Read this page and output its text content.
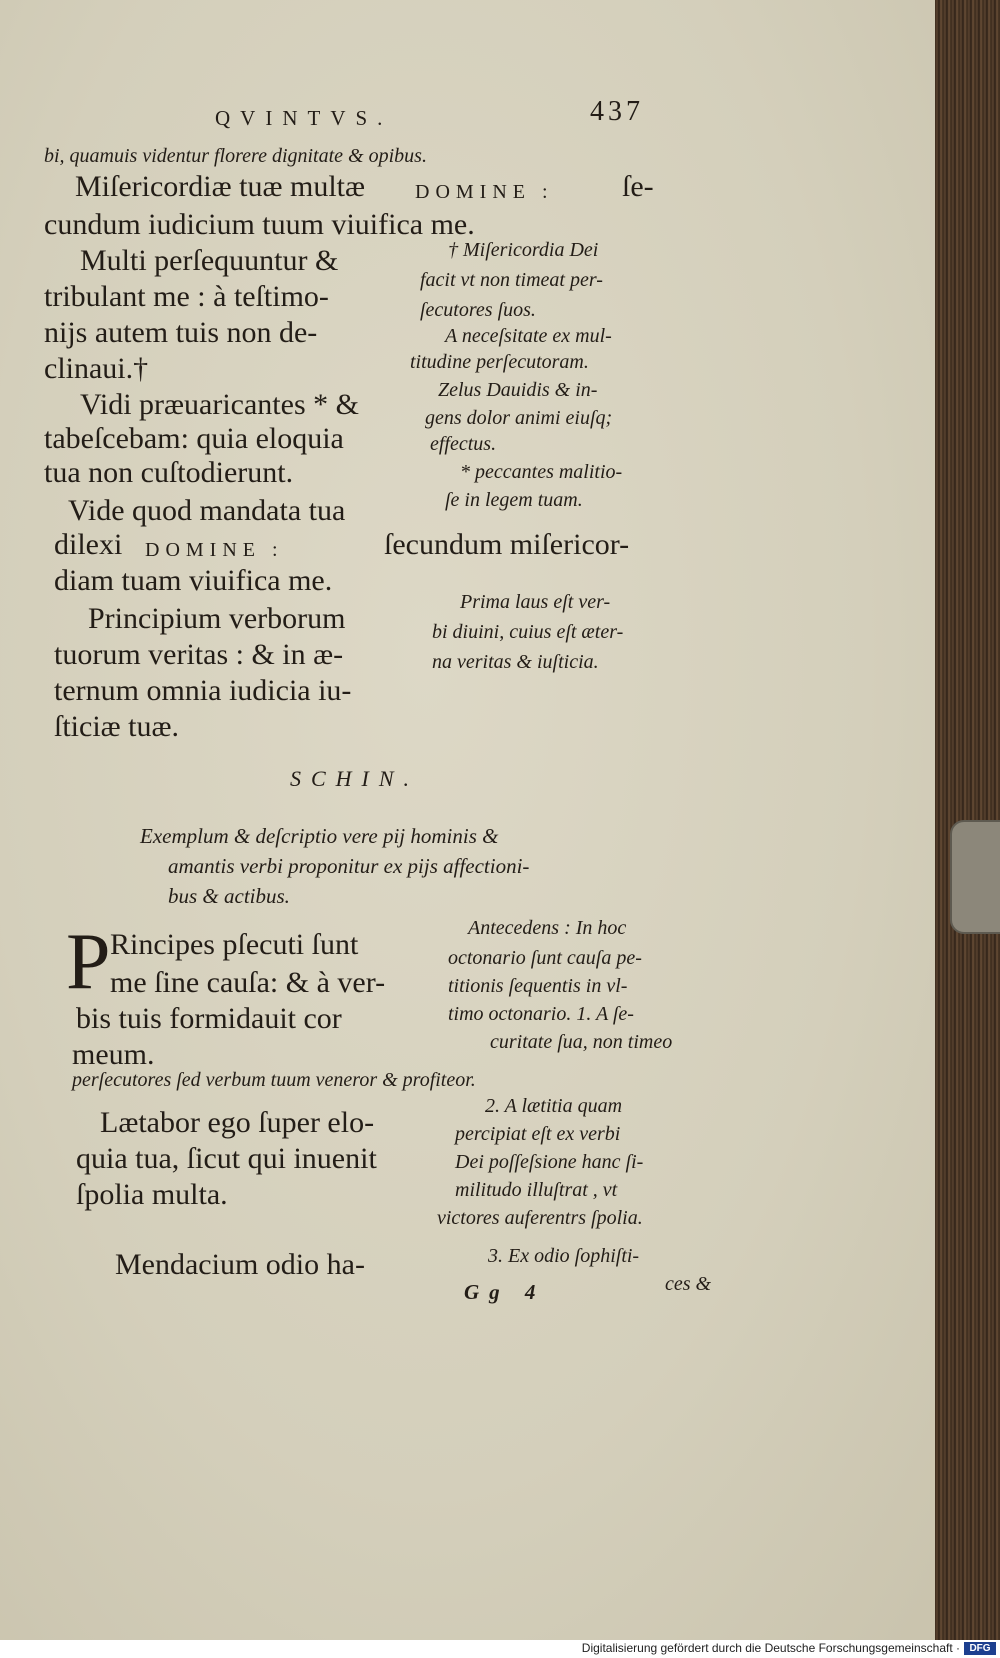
QVINTVS.	437
bi, quamuis videntur florere dignitate & opibus.
Miſericordiæ tuæ multæ	DOMINE : ſe-
cundum iudicium tuum viuifica me.
Multi perſequuntur &
tribulant me : à teſtimo-
nijs autem tuis non de-
clinaui.†
Vidi præuaricantes * &
tabeſcebam: quia eloquia
tua non cuſtodierunt.
Vide quod mandata tua
dilexi DOMINE :	ſecundum miſericor-
diam tuam viuifica me.
Principium verborum
tuorum veritas : & in æ-
ternum omnia iudicia iu-
ſticiæ tuæ.
† Miſericordia Dei
facit vt non timeat per-
ſecutores ſuos.
A neceſsitate ex mul-
titudine perſecutoram.
Zelus Dauidis & in-
gens dolor animi eiuſq;
effectus.
* peccantes malitio-
ſe in legem tuam.
Prima laus eſt ver-
bi diuini, cuius eſt æter-
na veritas & iuſticia.
SCHIN.
Exemplum & deſcriptio vere pij hominis &
amantis verbi proponitur ex pijs affectioni-
bus & actibus.
P Rincipes pſecuti ſunt
me ſine cauſa: & à ver-
bis tuis formidauit cor
meum.
Lætabor ego ſuper elo-
quia tua, ſicut qui inuenit
ſpolia multa.
Mendacium odio ha-
Antecedens : In hoc
octonario ſunt cauſa pe-
titionis ſequentis in vl-
timo octonario. 1. A ſe-
curitate ſua, non timeo
perſecutores ſed verbum tuum veneror & profiteor.
2. A lætitia quam
percipiat eſt ex verbi
Dei poſſeſsione hanc ſi-
militudo illuſtrat , vt
victores auferentrs ſpolia.
3. Ex odio ſophiſti-
ces &
Gg 4
Digitalisierung gefördert durch die Deutsche Forschungsgemeinschaft · DFG
